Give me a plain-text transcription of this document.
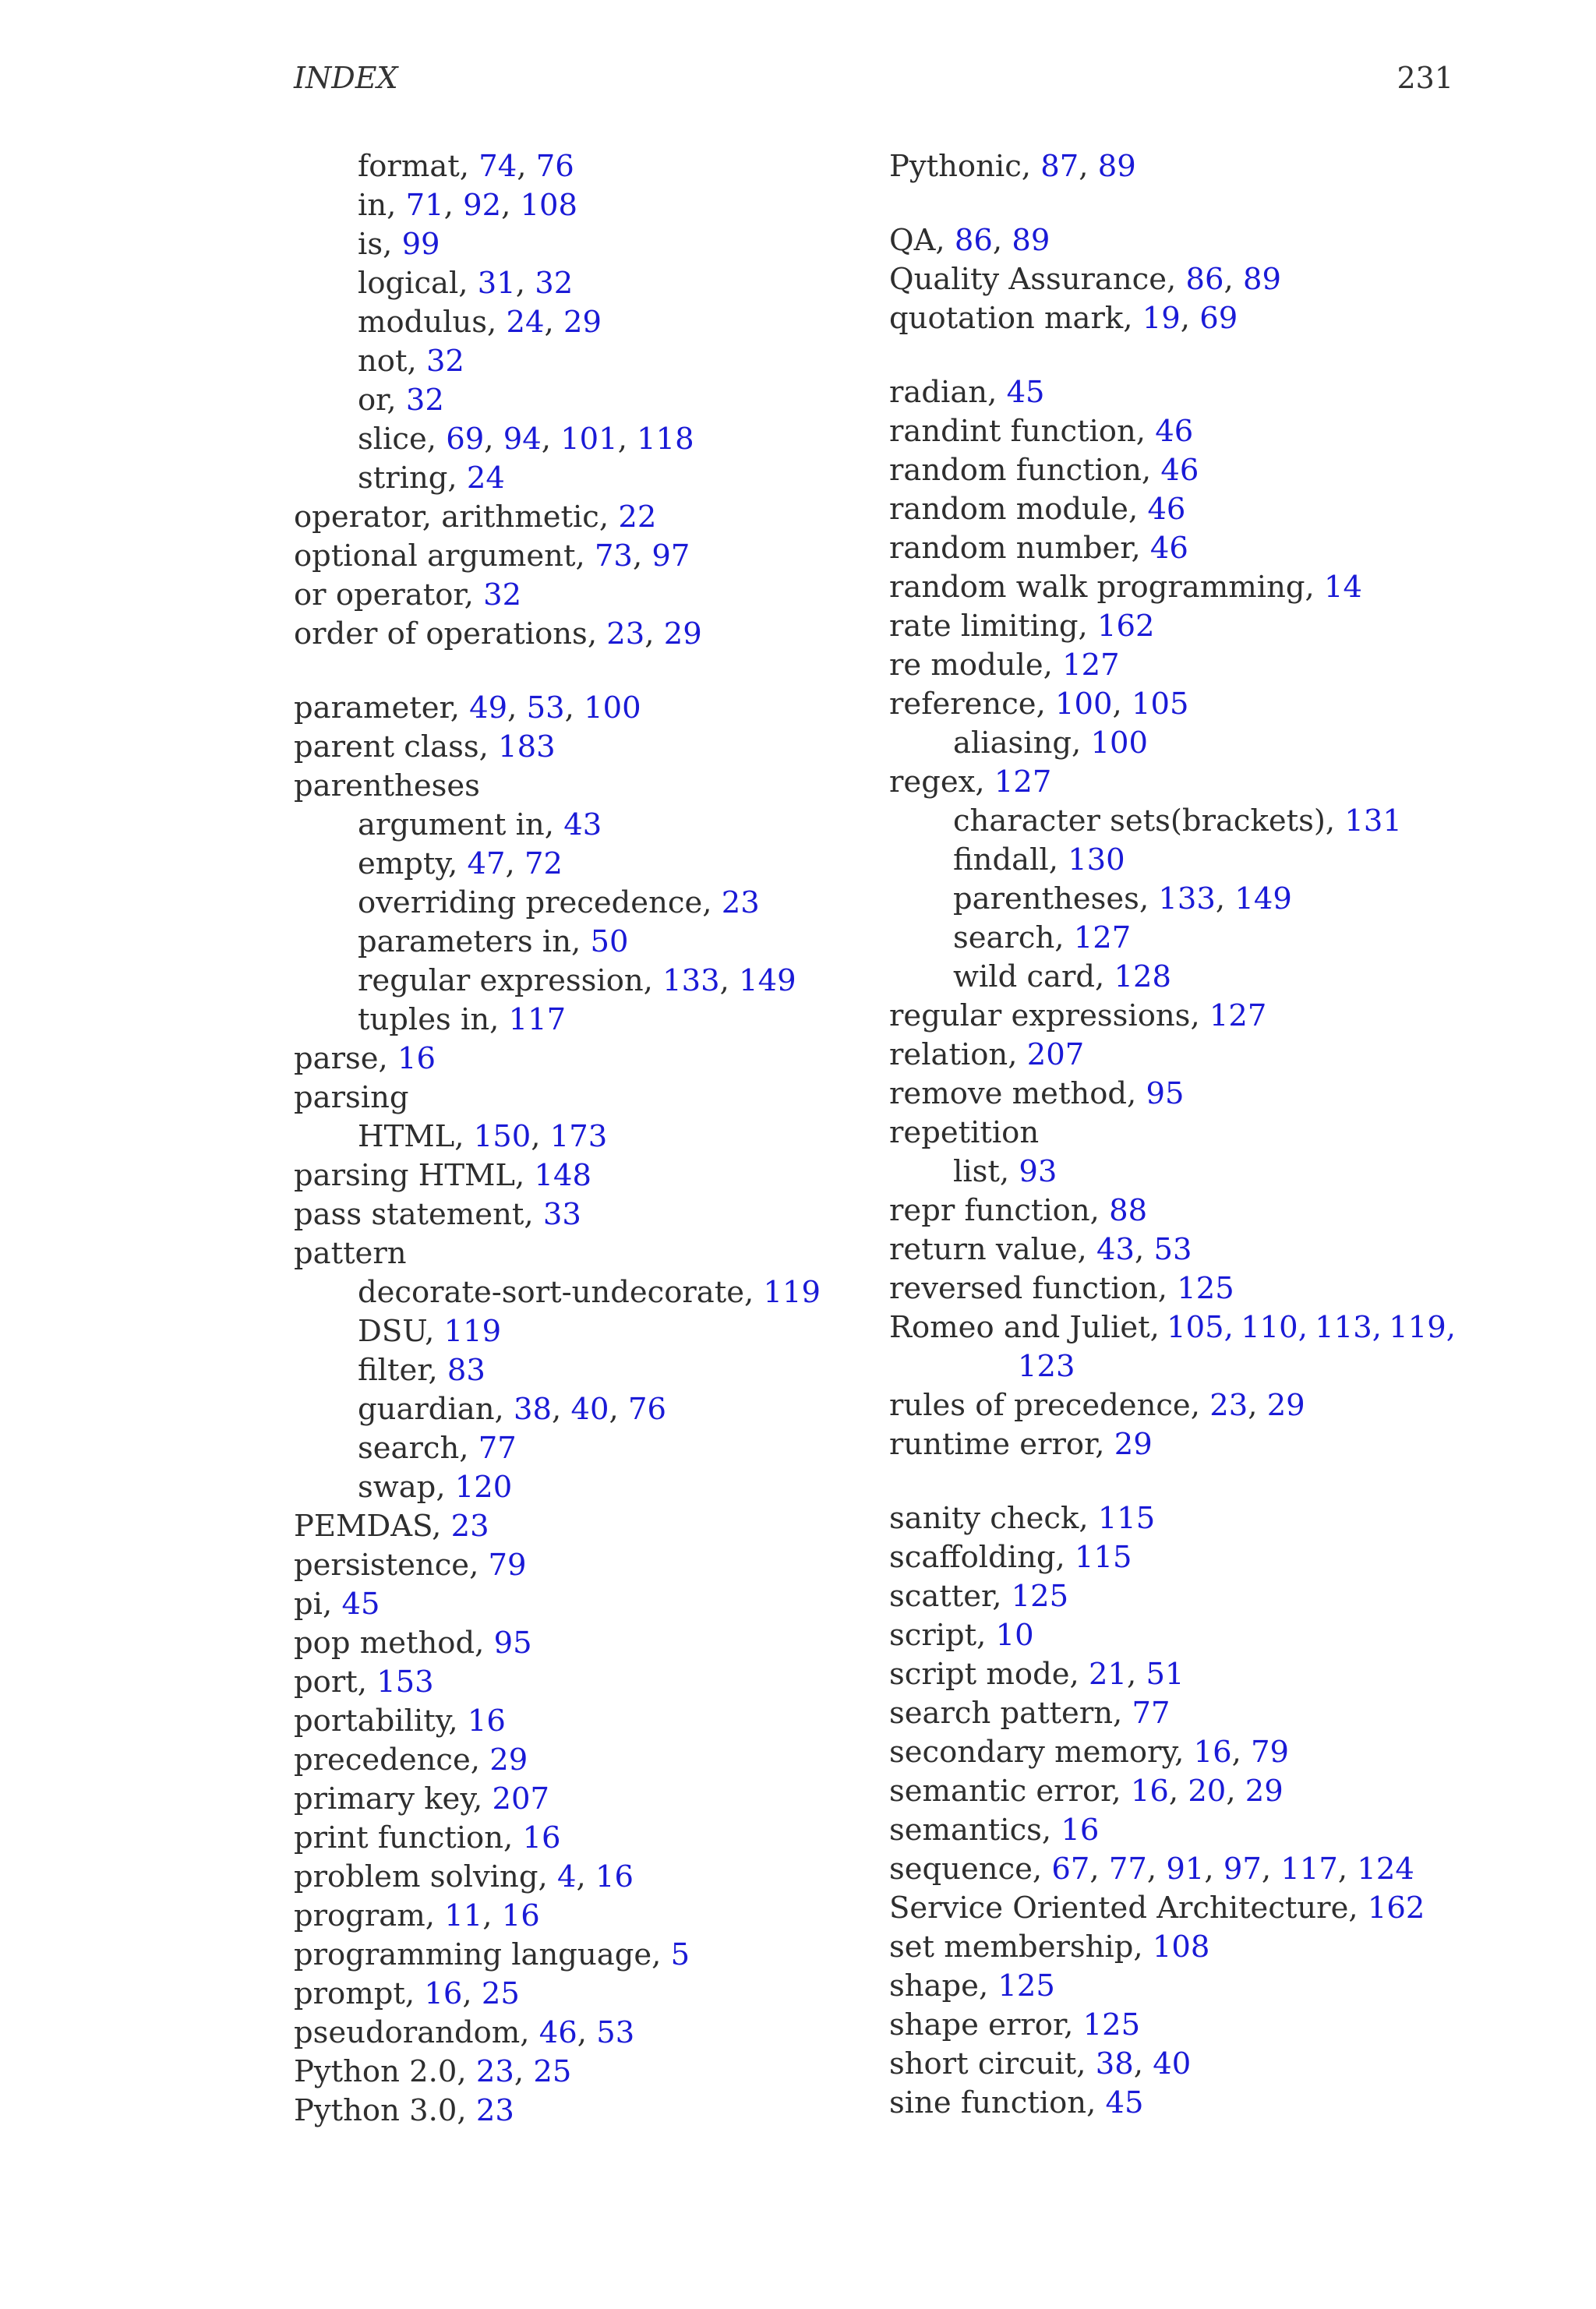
INDEX	231
format, 74, 76
in, 71, 92, 108
is, 99
logical, 31, 32
modulus, 24, 29
not, 32
or, 32
slice, 69, 94, 101, 118
string, 24
operator, arithmetic, 22
optional argument, 73, 97
or operator, 32
order of operations, 23, 29
parameter, 49, 53, 100
parent class, 183
parentheses
argument in, 43
empty, 47, 72
overriding precedence, 23
parameters in, 50
regular expression, 133, 149
tuples in, 117
parse, 16
parsing
HTML, 150, 173
parsing HTML, 148
pass statement, 33
pattern
decorate-sort-undecorate, 119
DSU, 119
filter, 83
guardian, 38, 40, 76
search, 77
swap, 120
PEMDAS, 23
persistence, 79
pi, 45
pop method, 95
port, 153
portability, 16
precedence, 29
primary key, 207
print function, 16
problem solving, 4, 16
program, 11, 16
programming language, 5
prompt, 16, 25
pseudorandom, 46, 53
Python 2.0, 23, 25
Python 3.0, 23
Pythonic, 87, 89
QA, 86, 89
Quality Assurance, 86, 89
quotation mark, 19, 69
radian, 45
randint function, 46
random function, 46
random module, 46
random number, 46
random walk programming, 14
rate limiting, 162
re module, 127
reference, 100, 105
aliasing, 100
regex, 127
character sets(brackets), 131
findall, 130
parentheses, 133, 149
search, 127
wild card, 128
regular expressions, 127
relation, 207
remove method, 95
repetition
list, 93
repr function, 88
return value, 43, 53
reversed function, 125
Romeo and Juliet, 105, 110, 113, 119,
123
rules of precedence, 23, 29
runtime error, 29
sanity check, 115
scaffolding, 115
scatter, 125
script, 10
script mode, 21, 51
search pattern, 77
secondary memory, 16, 79
semantic error, 16, 20, 29
semantics, 16
sequence, 67, 77, 91, 97, 117, 124
Service Oriented Architecture, 162
set membership, 108
shape, 125
shape error, 125
short circuit, 38, 40
sine function, 45
